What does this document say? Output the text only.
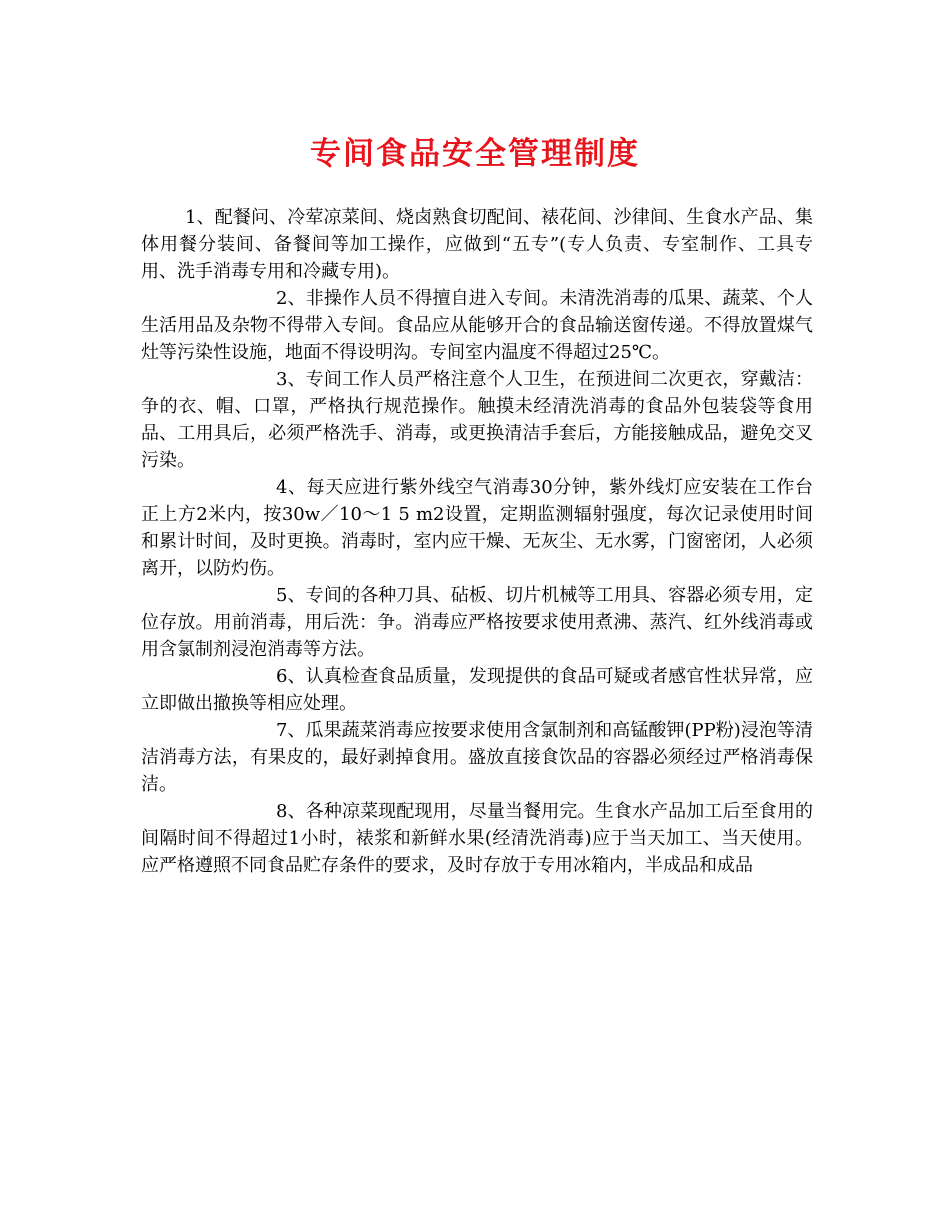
专间食品安全管理制度

1、配餐问、冷荤凉菜间、烧卤熟食切配间、裱花间、沙律间、生食水产品、集体用餐分装间、备餐间等加工操作，应做到“五专”(专人负责、专室制作、工具专用、洗手消毒专用和冷藏专用)。

2、非操作人员不得擅自进入专间。未清洗消毒的瓜果、蔬菜、个人生活用品及杂物不得带入专间。食品应从能够开合的食品输送窗传递。不得放置煤气灶等污染性设施，地面不得设明沟。专间室内温度不得超过25℃。

3、专间工作人员严格注意个人卫生，在预进间二次更衣，穿戴洁：争的衣、帽、口罩，严格执行规范操作。触摸未经清洗消毒的食品外包装袋等食用品、工用具后，必须严格洗手、消毒，或更换清洁手套后，方能接触成品，避免交叉污染。

4、每天应进行紫外线空气消毒30分钟，紫外线灯应安装在工作台正上方2米内，按30w／10～1 5 m2设置，定期监测辐射强度，每次记录使用时间和累计时间，及时更换。消毒时，室内应干燥、无灰尘、无水雾，门窗密闭，人必须离开，以防灼伤。

5、专间的各种刀具、砧板、切片机械等工用具、容器必须专用，定位存放。用前消毒，用后洗：争。消毒应严格按要求使用煮沸、蒸汽、红外线消毒或用含氯制剂浸泡消毒等方法。

6、认真检查食品质量，发现提供的食品可疑或者感官性状异常，应立即做出撤换等相应处理。

7、瓜果蔬菜消毒应按要求使用含氯制剂和高锰酸钾(PP粉)浸泡等清洁消毒方法，有果皮的，最好剥掉食用。盛放直接食饮品的容器必须经过严格消毒保洁。

8、各种凉菜现配现用，尽量当餐用完。生食水产品加工后至食用的间隔时间不得超过1小时，裱浆和新鲜水果(经清洗消毒)应于当天加工、当天使用。应严格遵照不同食品贮存条件的要求，及时存放于专用冰箱内，半成品和成品
